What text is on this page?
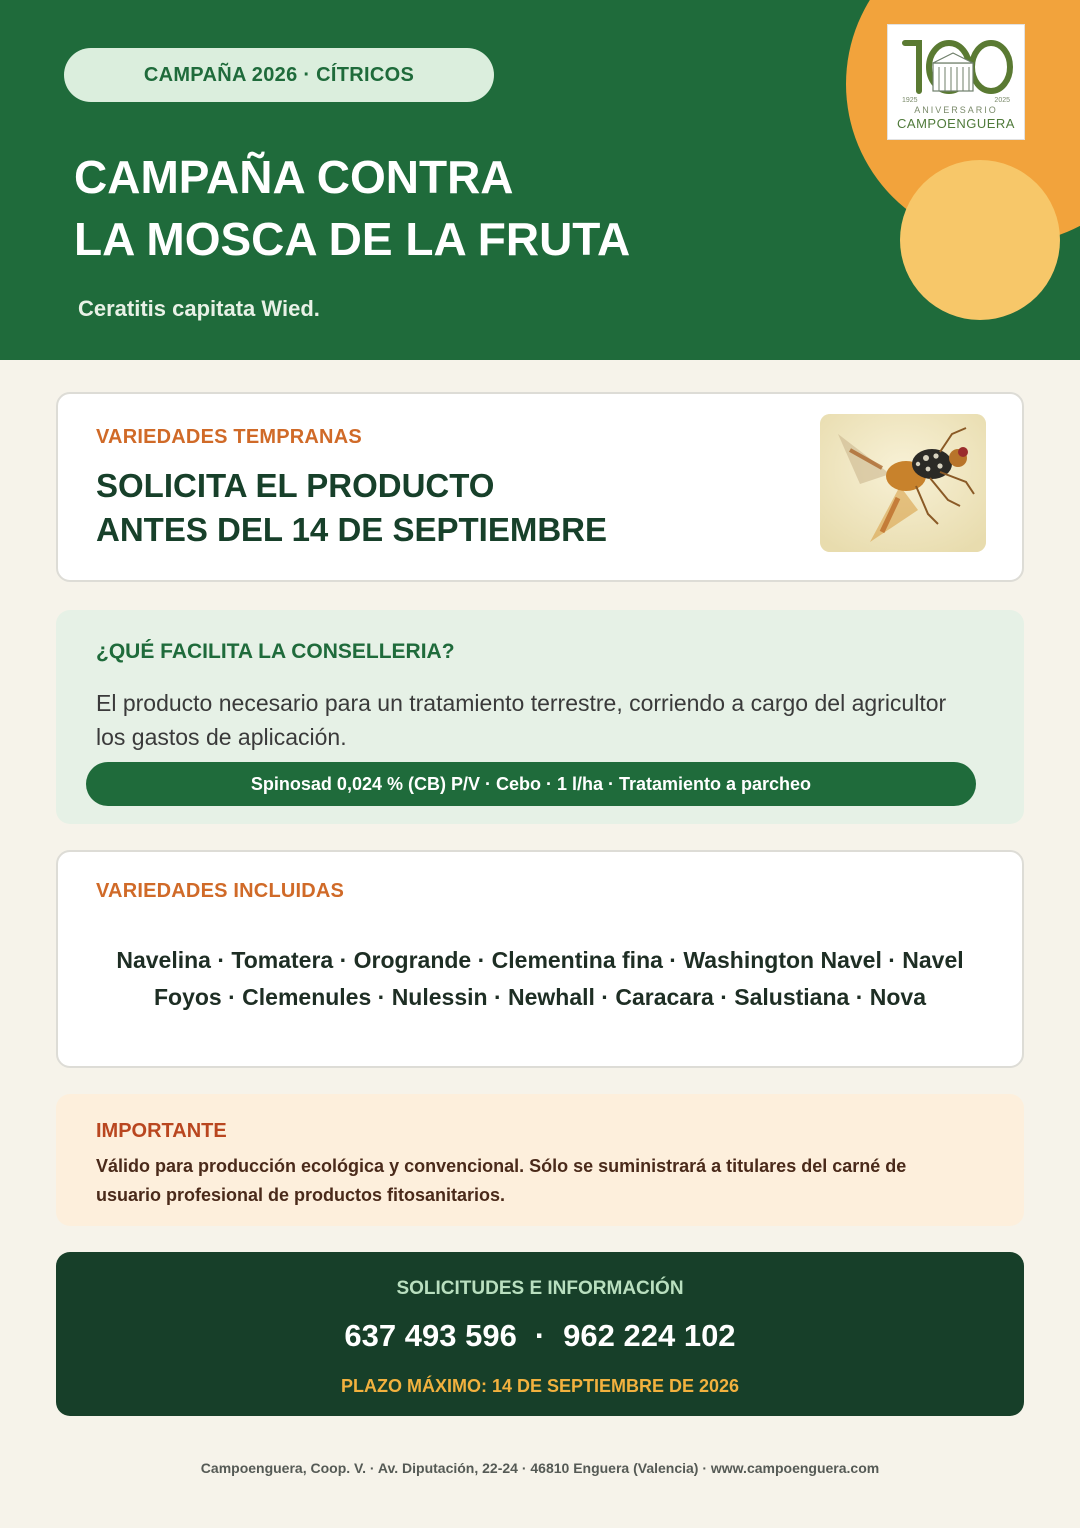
CAMPAÑA 2026 · CÍTRICOS
CAMPAÑA CONTRA
LA MOSCA DE LA FRUTA
Ceratitis capitata Wied.
1925	2025
ANIVERSARIO
CAMPOENGUERA
VARIEDADES TEMPRANAS
SOLICITA EL PRODUCTO
ANTES DEL 14 DE SEPTIEMBRE
¿QUÉ FACILITA LA CONSELLERIA?

El producto necesario para un tratamiento terrestre, corriendo a cargo del agricultor los gastos de aplicación.

Spinosad 0,024 % (CB) P/V · Cebo · 1 l/ha · Tratamiento a parcheo
VARIEDADES INCLUIDAS
Navelina · Tomatera · Orogrande · Clementina fina · Washington Navel · Navel
Foyos · Clemenules · Nulessin · Newhall · Caracara · Salustiana · Nova
IMPORTANTE

Válido para producción ecológica y convencional. Sólo se suministrará a titulares del carné de usuario profesional de productos fitosanitarios.

SOLICITUDES E INFORMACIÓN
637 493 596 · 962 224 102
PLAZO MÁXIMO: 14 DE SEPTIEMBRE DE 2026
Campoenguera, Coop. V. · Av. Diputación, 22-24 · 46810 Enguera (Valencia) · www.campoenguera.com
